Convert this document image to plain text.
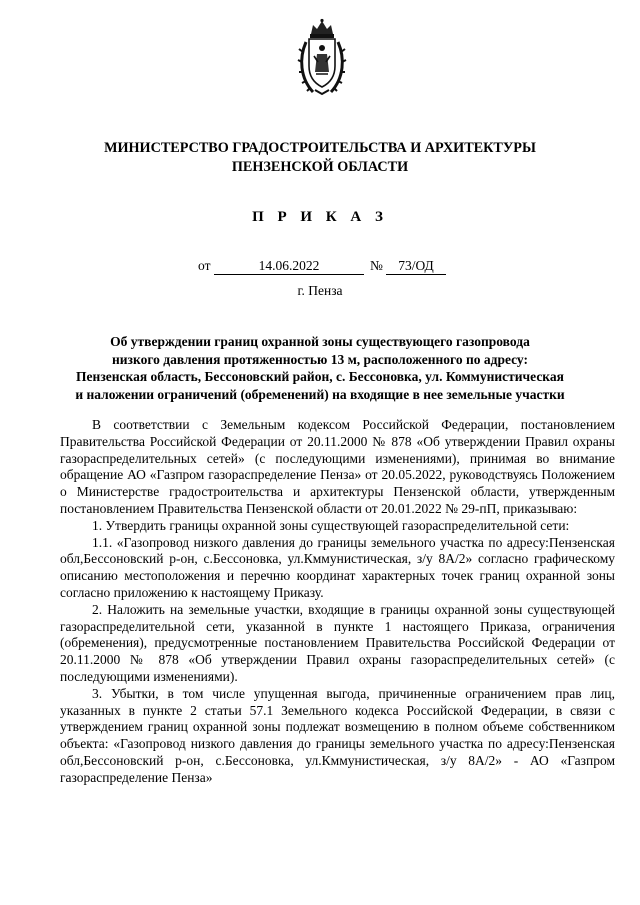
МИНИСТЕРСТВО ГРАДОСТРОИТЕЛЬСТВА И АРХИТЕКТУРЫ
ПЕНЗЕНСКОЙ ОБЛАСТИ
П Р И К А З
от	14.06.2022	№	73/ОД
г. Пенза
Об утверждении границ охранной зоны существующего газопровода
низкого давления протяженностью 13 м, расположенного по адресу:
Пензенская область, Бессоновский район, с. Бессоновка, ул. Коммунистическая
и наложении ограничений (обременений) на входящие в нее земельные участки

В соответствии с Земельным кодексом Российской Федерации, постановлением Правительства Российской Федерации от 20.11.2000 № 878 «Об утверждении Правил охраны газораспределительных сетей» (с последующими изменениями), принимая во внимание обращение АО «Газпром газораспределение Пенза» от 20.05.2022, руководствуясь Положением о Министерстве градостроительства и архитектуры Пензенской области, утвержденным постановлением Правительства Пензенской области от 20.01.2022 № 29-пП, приказываю:

1. Утвердить границы охранной зоны существующей газораспределительной сети:

1.1. «Газопровод низкого давления до границы земельного участка по адресу:Пензенская обл,Бессоновский р-он, с.Бессоновка, ул.Кммунистическая, з/у 8А/2» согласно графическому описанию местоположения и перечню координат характерных точек границ охранной зоны согласно приложению к настоящему Приказу.

2. Наложить на земельные участки, входящие в границы охранной зоны существующей газораспределительной сети, указанной в пункте 1 настоящего Приказа, ограничения (обременения), предусмотренные постановлением Правительства Российской Федерации от 20.11.2000 № 878 «Об утверждении Правил охраны газораспределительных сетей» (с последующими изменениями).

3. Убытки, в том числе упущенная выгода, причиненные ограничением прав лиц, указанных в пункте 2 статьи 57.1 Земельного кодекса Российской Федерации, в связи с утверждением границ охранной зоны подлежат возмещению в полном объеме собственником объекта: «Газопровод низкого давления до границы земельного участка по адресу:Пензенская обл,Бессоновский р-он, с.Бессоновка, ул.Кммунистическая, з/у 8А/2» - АО «Газпром газораспределение Пенза»
